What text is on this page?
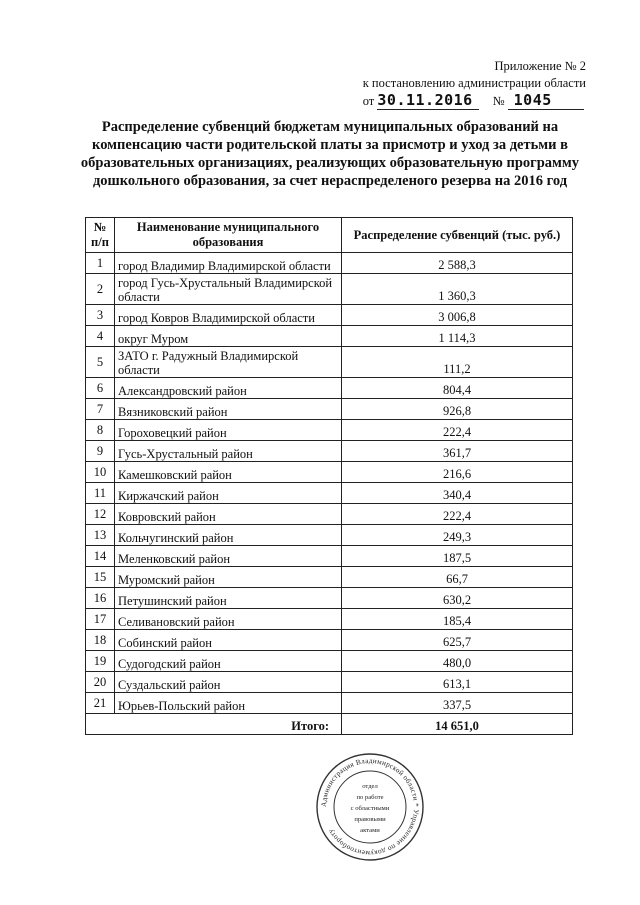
Приложение № 2
к постановлению администрации области
от 30.11.2016 № 1045
Распределение субвенций бюджетам муниципальных образований на компенсацию части родительской платы за присмотр и уход за детьми в образовательных организациях, реализующих образовательную программу дошкольного образования, за счет нераспределеного резерва на 2016 год
№ п/п	Наименование муниципального образования	Распределение субвенций (тыс. руб.)
1	город Владимир Владимирской области	2 588,3
2	город Гусь-Хрустальный Владимирской области	1 360,3
3	город Ковров Владимирской области	3 006,8
4	округ Муром	1 114,3
5	ЗАТО г. Радужный Владимирской области	111,2
6	Александровский район	804,4
7	Вязниковский район	926,8
8	Гороховецкий район	222,4
9	Гусь-Хрустальный район	361,7
10	Камешковский район	216,6
11	Киржачский район	340,4
12	Ковровский район	222,4
13	Кольчугинский район	249,3
14	Меленковский район	187,5
15	Муромский район	66,7
16	Петушинский район	630,2
17	Селивановский район	185,4
18	Собинский район	625,7
19	Судогодский район	480,0
20	Суздальский район	613,1
21	Юрьев-Польский район	337,5
Итого:		14 651,0
Администрация Владимирской области * Управление по документообороту
отдел
по работе
с областными
правовыми
актами
